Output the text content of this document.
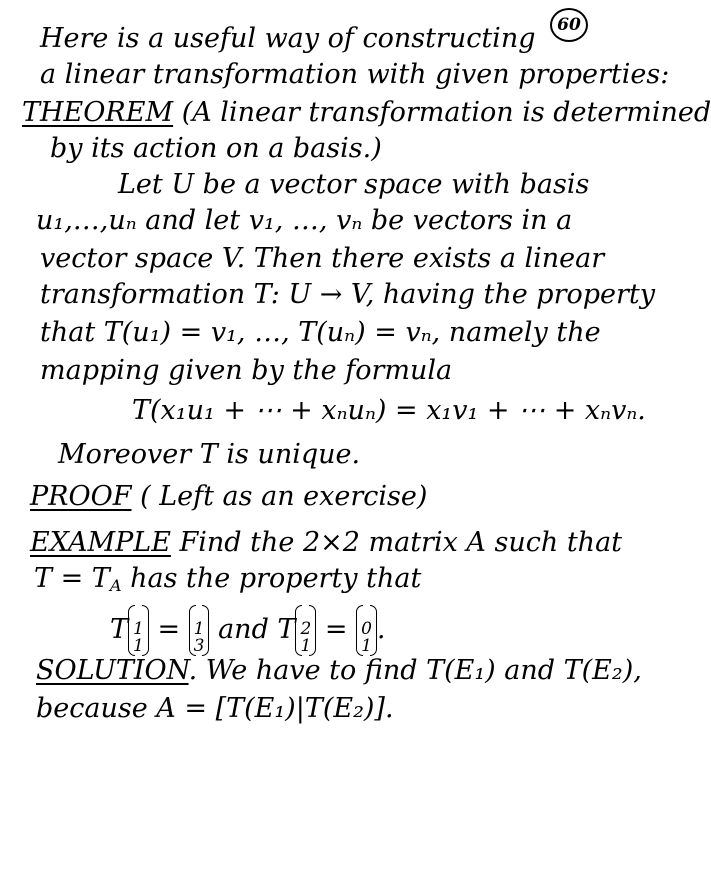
60
Here is a useful way of constructing
a linear transformation with given properties:
THEOREM (A linear transformation is determined
by its action on a basis.)
Let U be a vector space with basis
u₁,…,uₙ and let v₁, …, vₙ be vectors in a
vector space V. Then there exists a linear
transformation T: U → V, having the property
that T(u₁) = v₁, …, T(uₙ) = vₙ, namely the
mapping given by the formula
T(x₁u₁ + ⋯ + xₙuₙ) = x₁v₁ + ⋯ + xₙvₙ.
Moreover T is unique.
PROOF ( Left as an exercise)
EXAMPLE Find the 2×2 matrix A such that
$T = T_A$ has the property that
T 1
1
= 1
3
and T 2
1
= 0
1
.
SOLUTION. We have to find T(E₁) and T(E₂),
because A = [T(E₁)|T(E₂)].
